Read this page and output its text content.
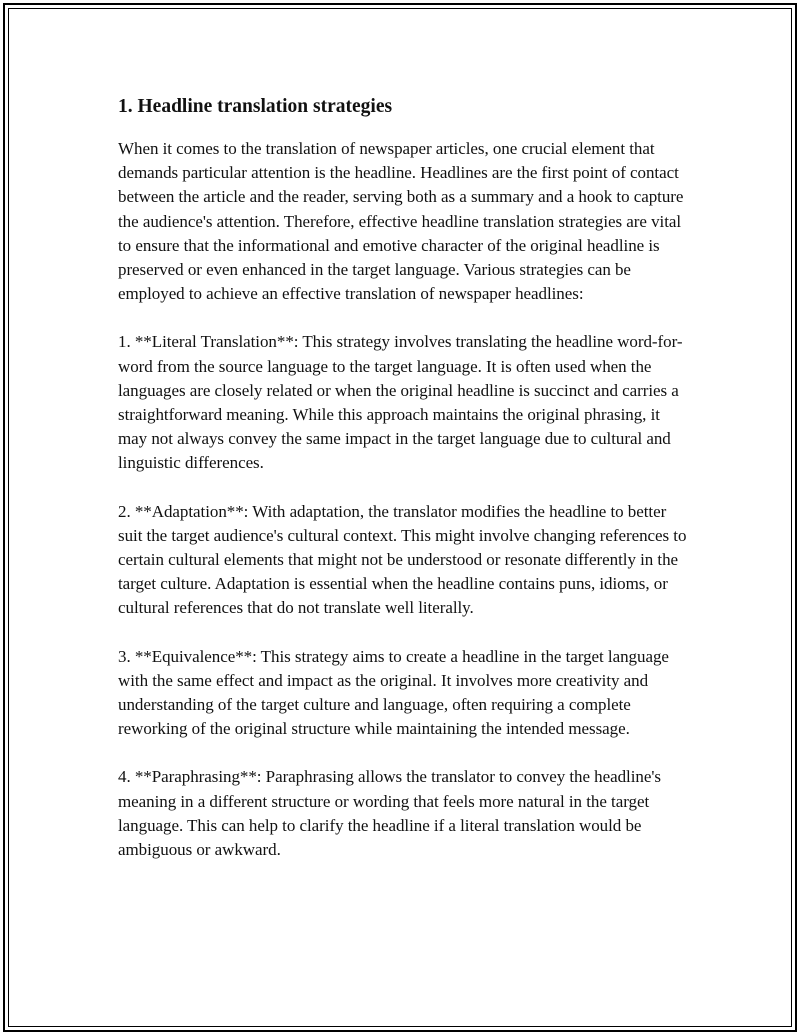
1. Headline translation strategies

When it comes to the translation of newspaper articles, one crucial element that demands particular attention is the headline. Headlines are the first point of contact between the article and the reader, serving both as a summary and a hook to capture the audience's attention. Therefore, effective headline translation strategies are vital to ensure that the informational and emotive character of the original headline is preserved or even enhanced in the target language. Various strategies can be employed to achieve an effective translation of newspaper headlines:

1. **Literal Translation**: This strategy involves translating the headline word-for-word from the source language to the target language. It is often used when the languages are closely related or when the original headline is succinct and carries a straightforward meaning. While this approach maintains the original phrasing, it may not always convey the same impact in the target language due to cultural and linguistic differences.

2. **Adaptation**: With adaptation, the translator modifies the headline to better suit the target audience's cultural context. This might involve changing references to certain cultural elements that might not be understood or resonate differently in the target culture. Adaptation is essential when the headline contains puns, idioms, or cultural references that do not translate well literally.

3. **Equivalence**: This strategy aims to create a headline in the target language with the same effect and impact as the original. It involves more creativity and understanding of the target culture and language, often requiring a complete reworking of the original structure while maintaining the intended message.

4. **Paraphrasing**: Paraphrasing allows the translator to convey the headline's meaning in a different structure or wording that feels more natural in the target language. This can help to clarify the headline if a literal translation would be ambiguous or awkward.
